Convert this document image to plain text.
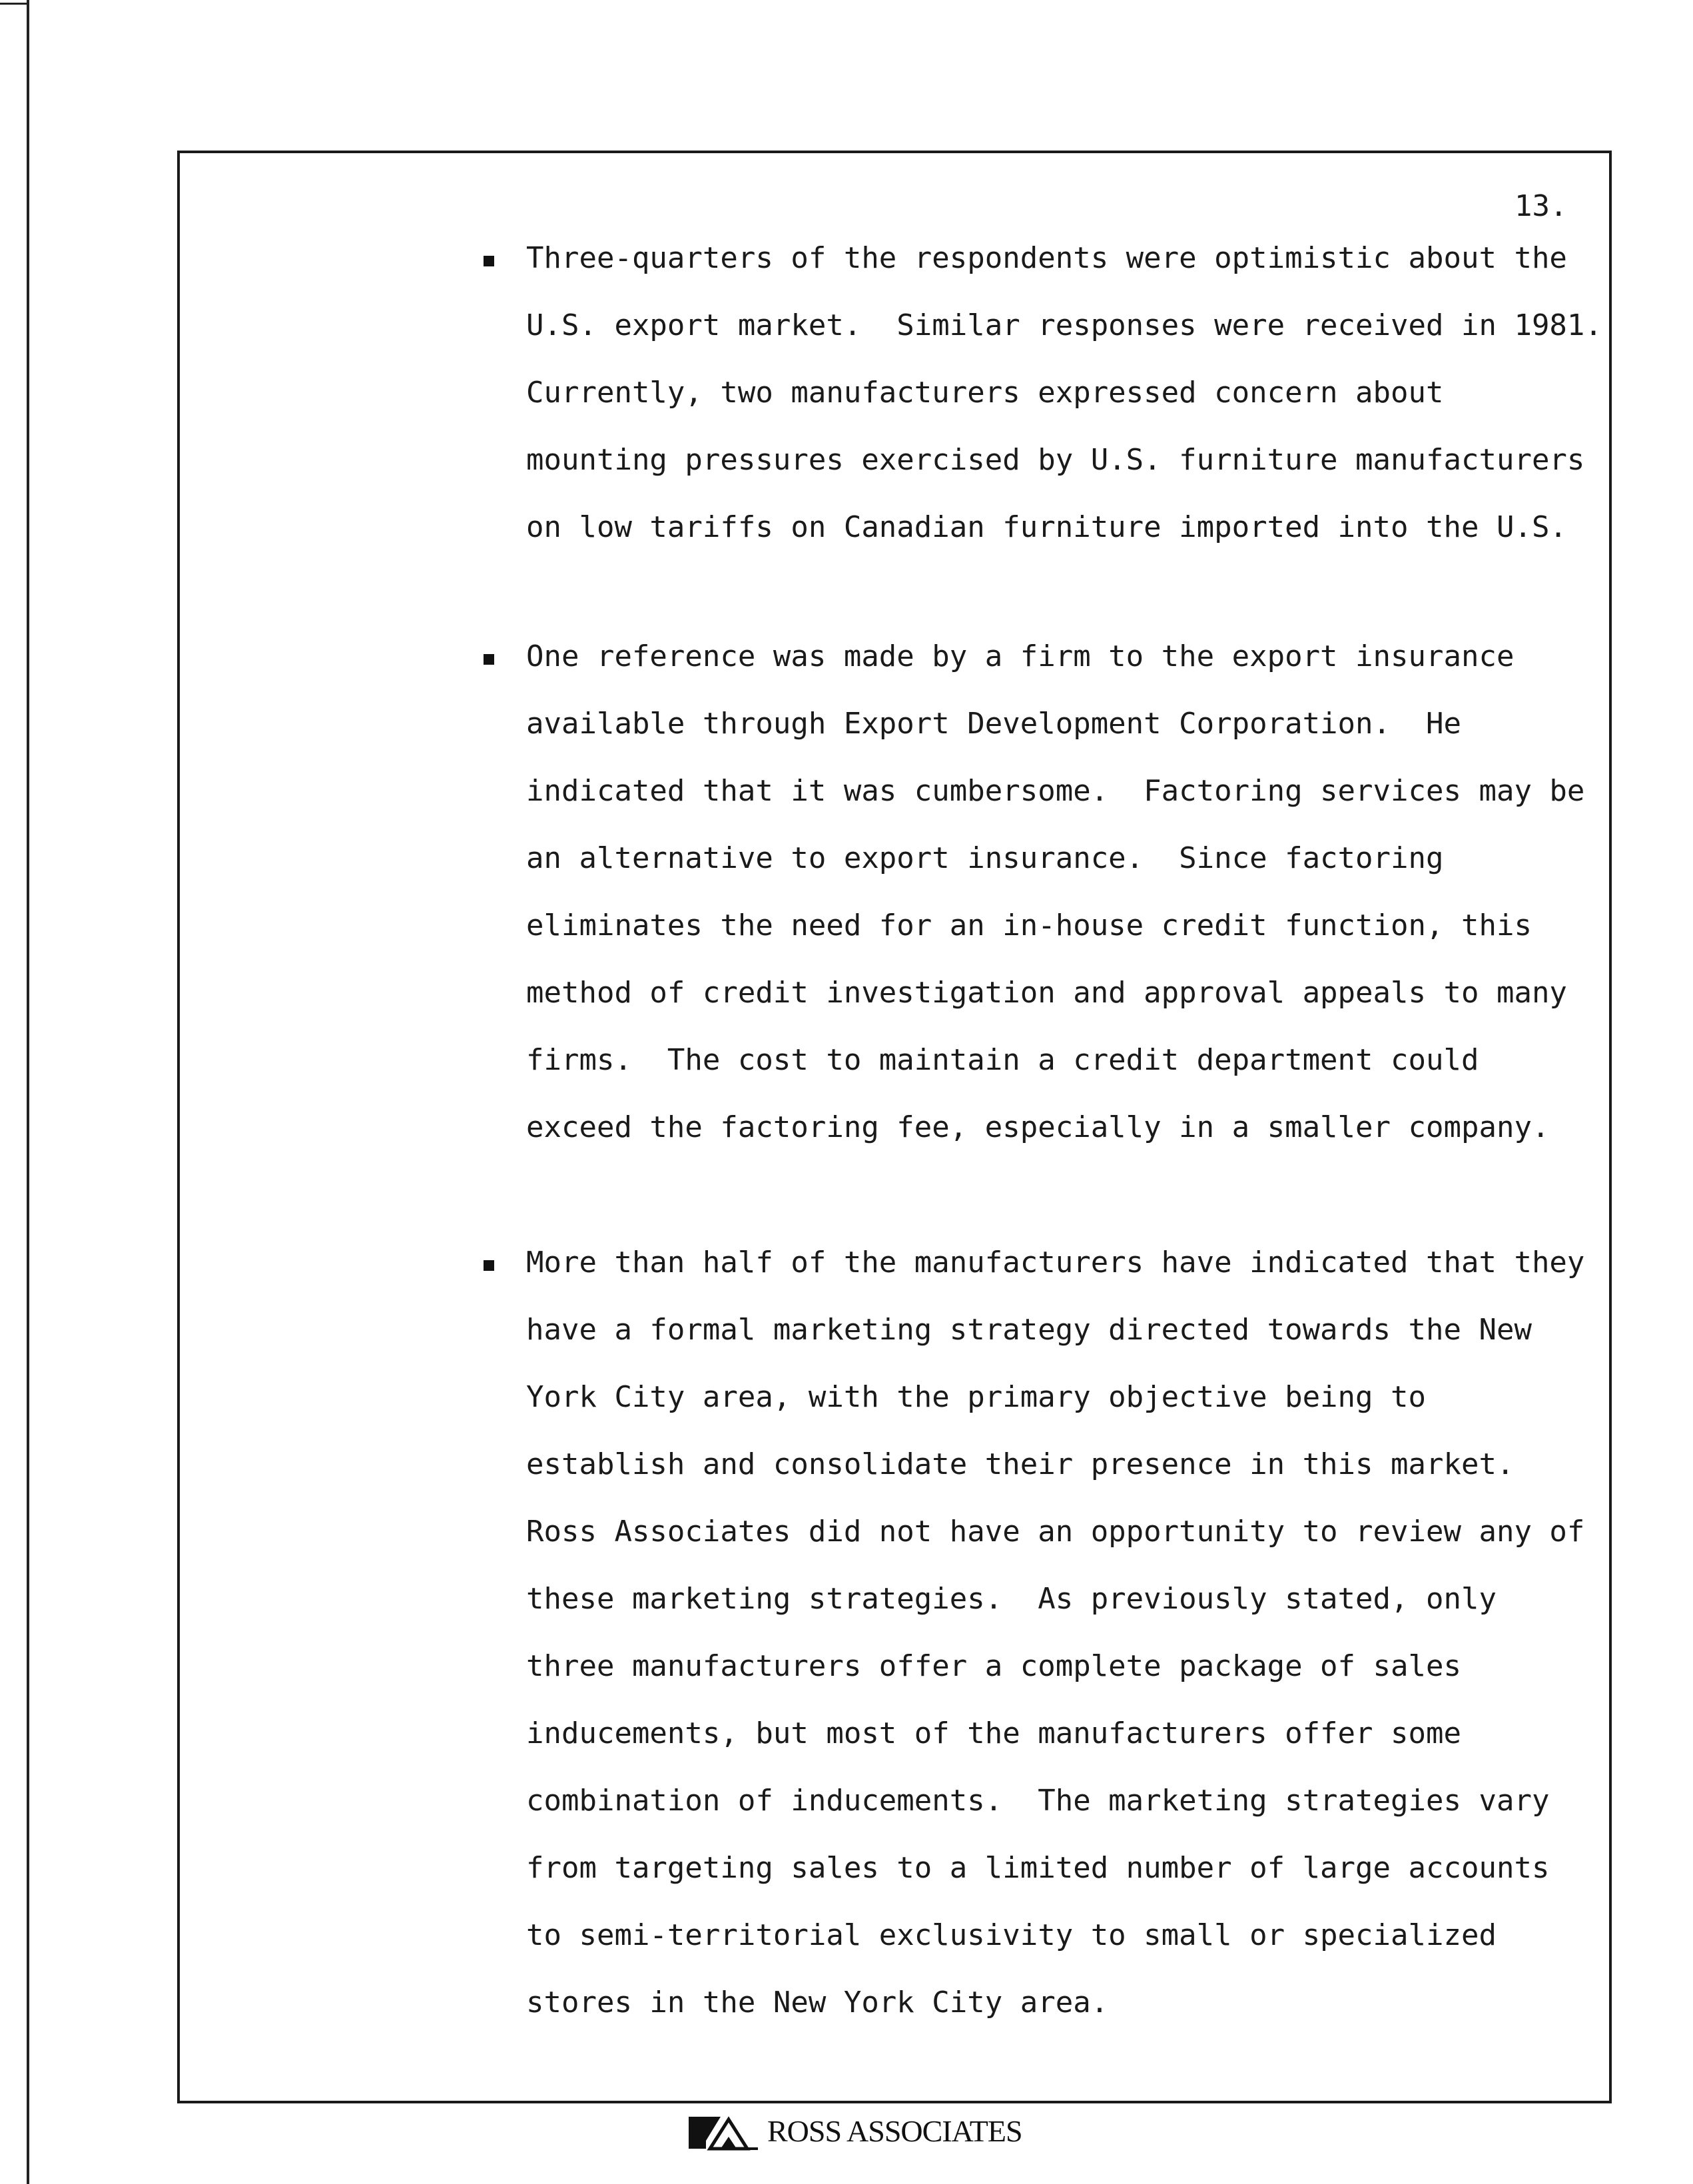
13.
Three-quarters of the respondents were optimistic about the
U.S. export market.  Similar responses were received in 1981.
Currently, two manufacturers expressed concern about
mounting pressures exercised by U.S. furniture manufacturers
on low tariffs on Canadian furniture imported into the U.S.
One reference was made by a firm to the export insurance
available through Export Development Corporation.  He
indicated that it was cumbersome.  Factoring services may be
an alternative to export insurance.  Since factoring
eliminates the need for an in-house credit function, this
method of credit investigation and approval appeals to many
firms.  The cost to maintain a credit department could
exceed the factoring fee, especially in a smaller company.
More than half of the manufacturers have indicated that they
have a formal marketing strategy directed towards the New
York City area, with the primary objective being to
establish and consolidate their presence in this market.
Ross Associates did not have an opportunity to review any of
these marketing strategies.  As previously stated, only
three manufacturers offer a complete package of sales
inducements, but most of the manufacturers offer some
combination of inducements.  The marketing strategies vary
from targeting sales to a limited number of large accounts
to semi-territorial exclusivity to small or specialized
stores in the New York City area.
ROSS ASSOCIATES
